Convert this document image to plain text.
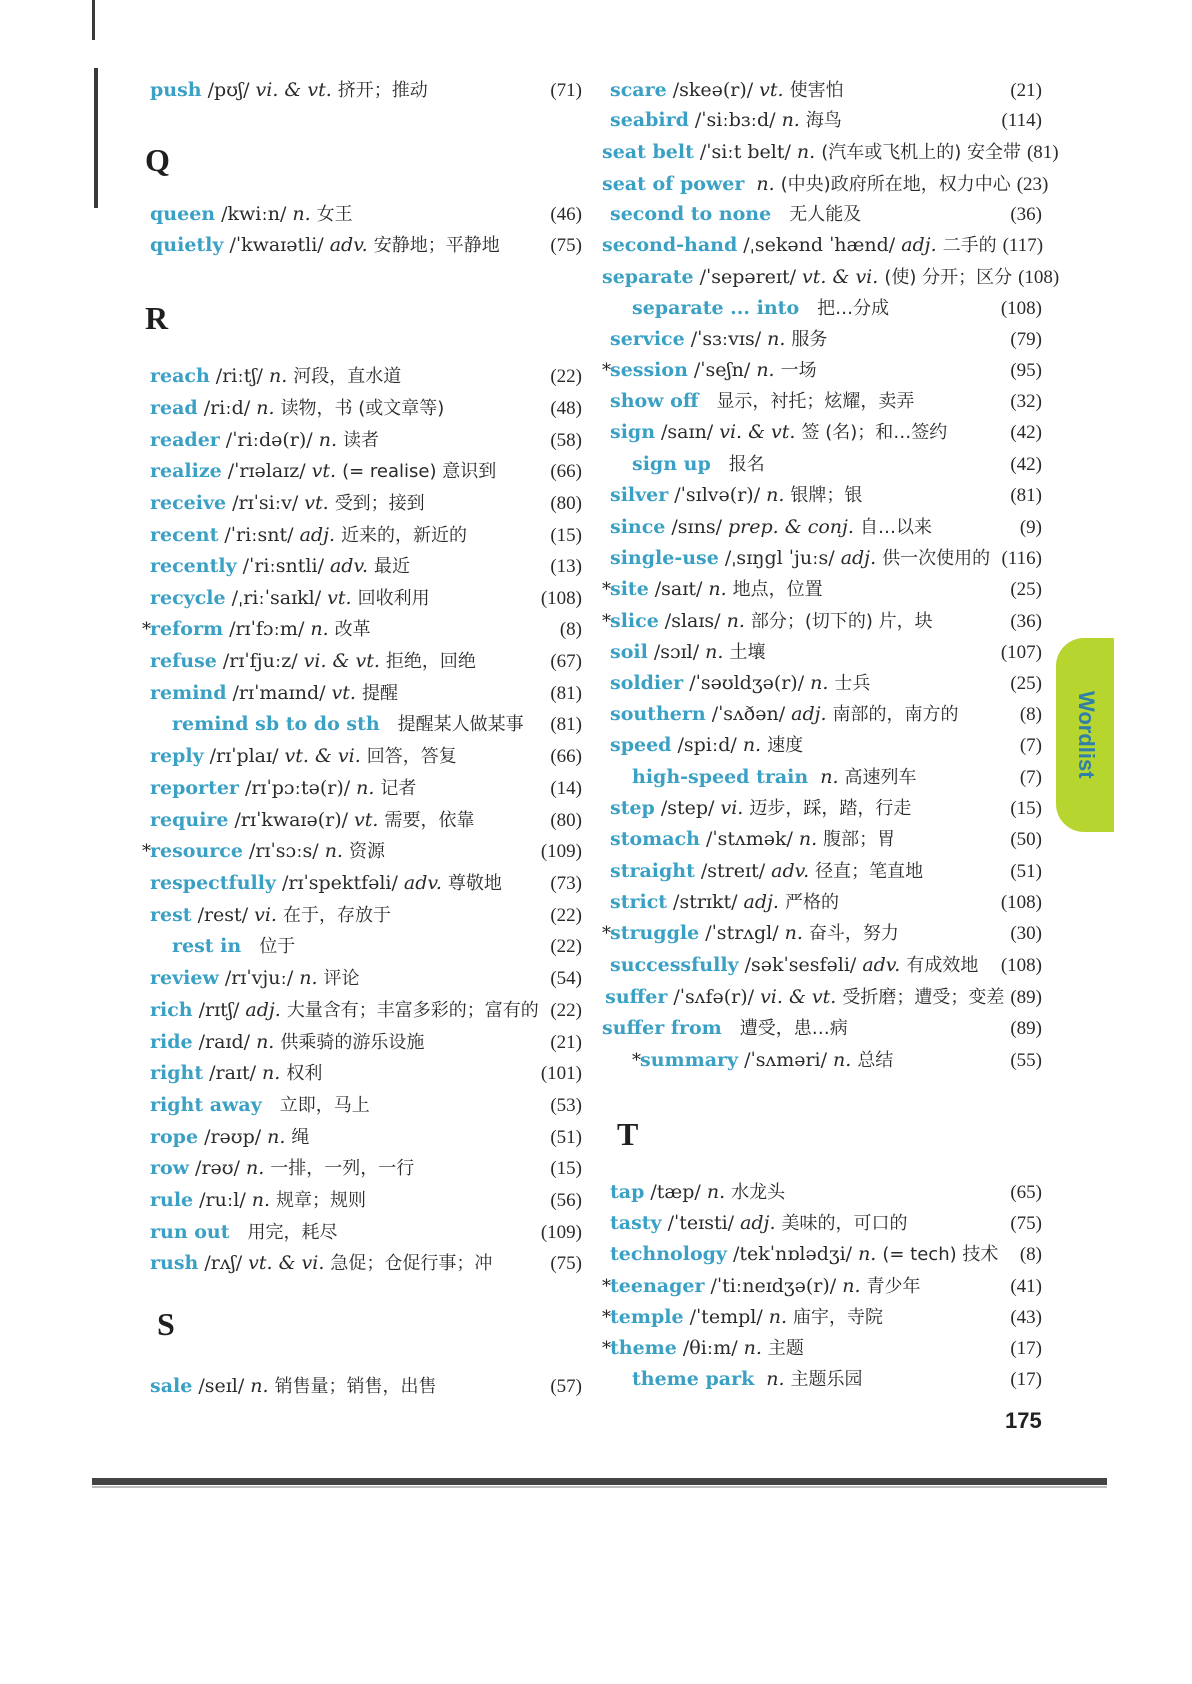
Q
R
S
T
push /pʊʃ/ vi. & vt. 挤开；推动	(71)
queen /kwiːn/ n. 女王	(46)
quietly /ˈkwaɪətli/ adv. 安静地；平静地	(75)
reach /riːtʃ/ n. 河段，直水道	(22)
read /riːd/ n. 读物，书 (或文章等)	(48)
reader /ˈriːdə(r)/ n. 读者	(58)
realize /ˈrɪəlaɪz/ vt. (= realise) 意识到	(66)
receive /rɪˈsiːv/ vt. 受到；接到	(80)
recent /ˈriːsnt/ adj. 近来的，新近的	(15)
recently /ˈriːsntli/ adv. 最近	(13)
recycle /ˌriːˈsaɪkl/ vt. 回收利用	(108)
* reform /rɪˈfɔːm/ n. 改革	(8)
refuse /rɪˈfjuːz/ vi. & vt. 拒绝，回绝	(67)
remind /rɪˈmaɪnd/ vt. 提醒	(81)
remind sb to do sth 提醒某人做某事 (81)
reply /rɪˈplaɪ/ vt. & vi. 回答，答复	(66)
reporter /rɪˈpɔːtə(r)/ n. 记者	(14)
require /rɪˈkwaɪə(r)/ vt. 需要，依靠	(80)
* resource /rɪˈsɔːs/ n. 资源	(109)
respectfully /rɪˈspektfəli/ adv. 尊敬地	(73)
rest /rest/ vi. 在于，存放于	(22)
rest in 位于	(22)
review /rɪˈvjuː/ n. 评论	(54)
rich /rɪtʃ/ adj. 大量含有；丰富多彩的；富有的 (22)
ride /raɪd/ n. 供乘骑的游乐设施	(21)
right /raɪt/ n. 权利	(101)
right away 立即，马上	(53)
rope /rəʊp/ n. 绳	(51)
row /rəʊ/ n. 一排，一列，一行	(15)
rule /ruːl/ n. 规章；规则	(56)
run out 用完，耗尽	(109)
rush /rʌʃ/ vt. & vi. 急促；仓促行事；冲	(75)
sale /seɪl/ n. 销售量；销售，出售	(57)
scare /skeə(r)/ vt. 使害怕	(21)
seabird /ˈsiːbɜːd/ n. 海鸟	(114)
seat belt /ˈsiːt belt/ n. (汽车或飞机上的) 安全带 (81)
seat of power n. (中央)政府所在地，权力中心 (23)
second to none 无人能及	(36)
second-hand /ˌsekənd ˈhænd/ adj. 二手的 (117)
separate /ˈsepəreɪt/ vt. & vi. (使) 分开；区分 (108)
separate ... into 把…分成	(108)
service /ˈsɜːvɪs/ n. 服务	(79)
* session /ˈseʃn/ n. 一场	(95)
show off 显示，衬托；炫耀，卖弄	(32)
sign /saɪn/ vi. & vt. 签 (名)；和…签约	(42)
sign up 报名	(42)
silver /ˈsɪlvə(r)/ n. 银牌；银	(81)
since /sɪns/ prep. & conj. 自…以来	(9)
single-use /ˌsɪŋgl ˈjuːs/ adj. 供一次使用的 (116)
* site /saɪt/ n. 地点，位置	(25)
* slice /slaɪs/ n. 部分；(切下的) 片，块	(36)
soil /sɔɪl/ n. 土壤	(107)
soldier /ˈsəʊldʒə(r)/ n. 士兵	(25)
southern /ˈsʌðən/ adj. 南部的，南方的	(8)
speed /spiːd/ n. 速度	(7)
high-speed train n. 高速列车	(7)
step /step/ vi. 迈步，踩，踏，行走	(15)
stomach /ˈstʌmək/ n. 腹部；胃	(50)
straight /streɪt/ adv. 径直；笔直地	(51)
strict /strɪkt/ adj. 严格的	(108)
* struggle /ˈstrʌgl/ n. 奋斗，努力	(30)
successfully /səkˈsesfəli/ adv. 有成效地 (108)
suffer /ˈsʌfə(r)/ vi. & vt. 受折磨；遭受；变差 (89)
suffer from 遭受，患…病	(89)
* summary /ˈsʌməri/ n. 总结	(55)
tap /tæp/ n. 水龙头	(65)
tasty /ˈteɪsti/ adj. 美味的，可口的	(75)
technology /tekˈnɒlədʒi/ n. (= tech) 技术 (8)
* teenager /ˈtiːneɪdʒə(r)/ n. 青少年	(41)
* temple /ˈtempl/ n. 庙宇，寺院	(43)
* theme /θiːm/ n. 主题	(17)
theme park n. 主题乐园	(17)
Wordlist
175
